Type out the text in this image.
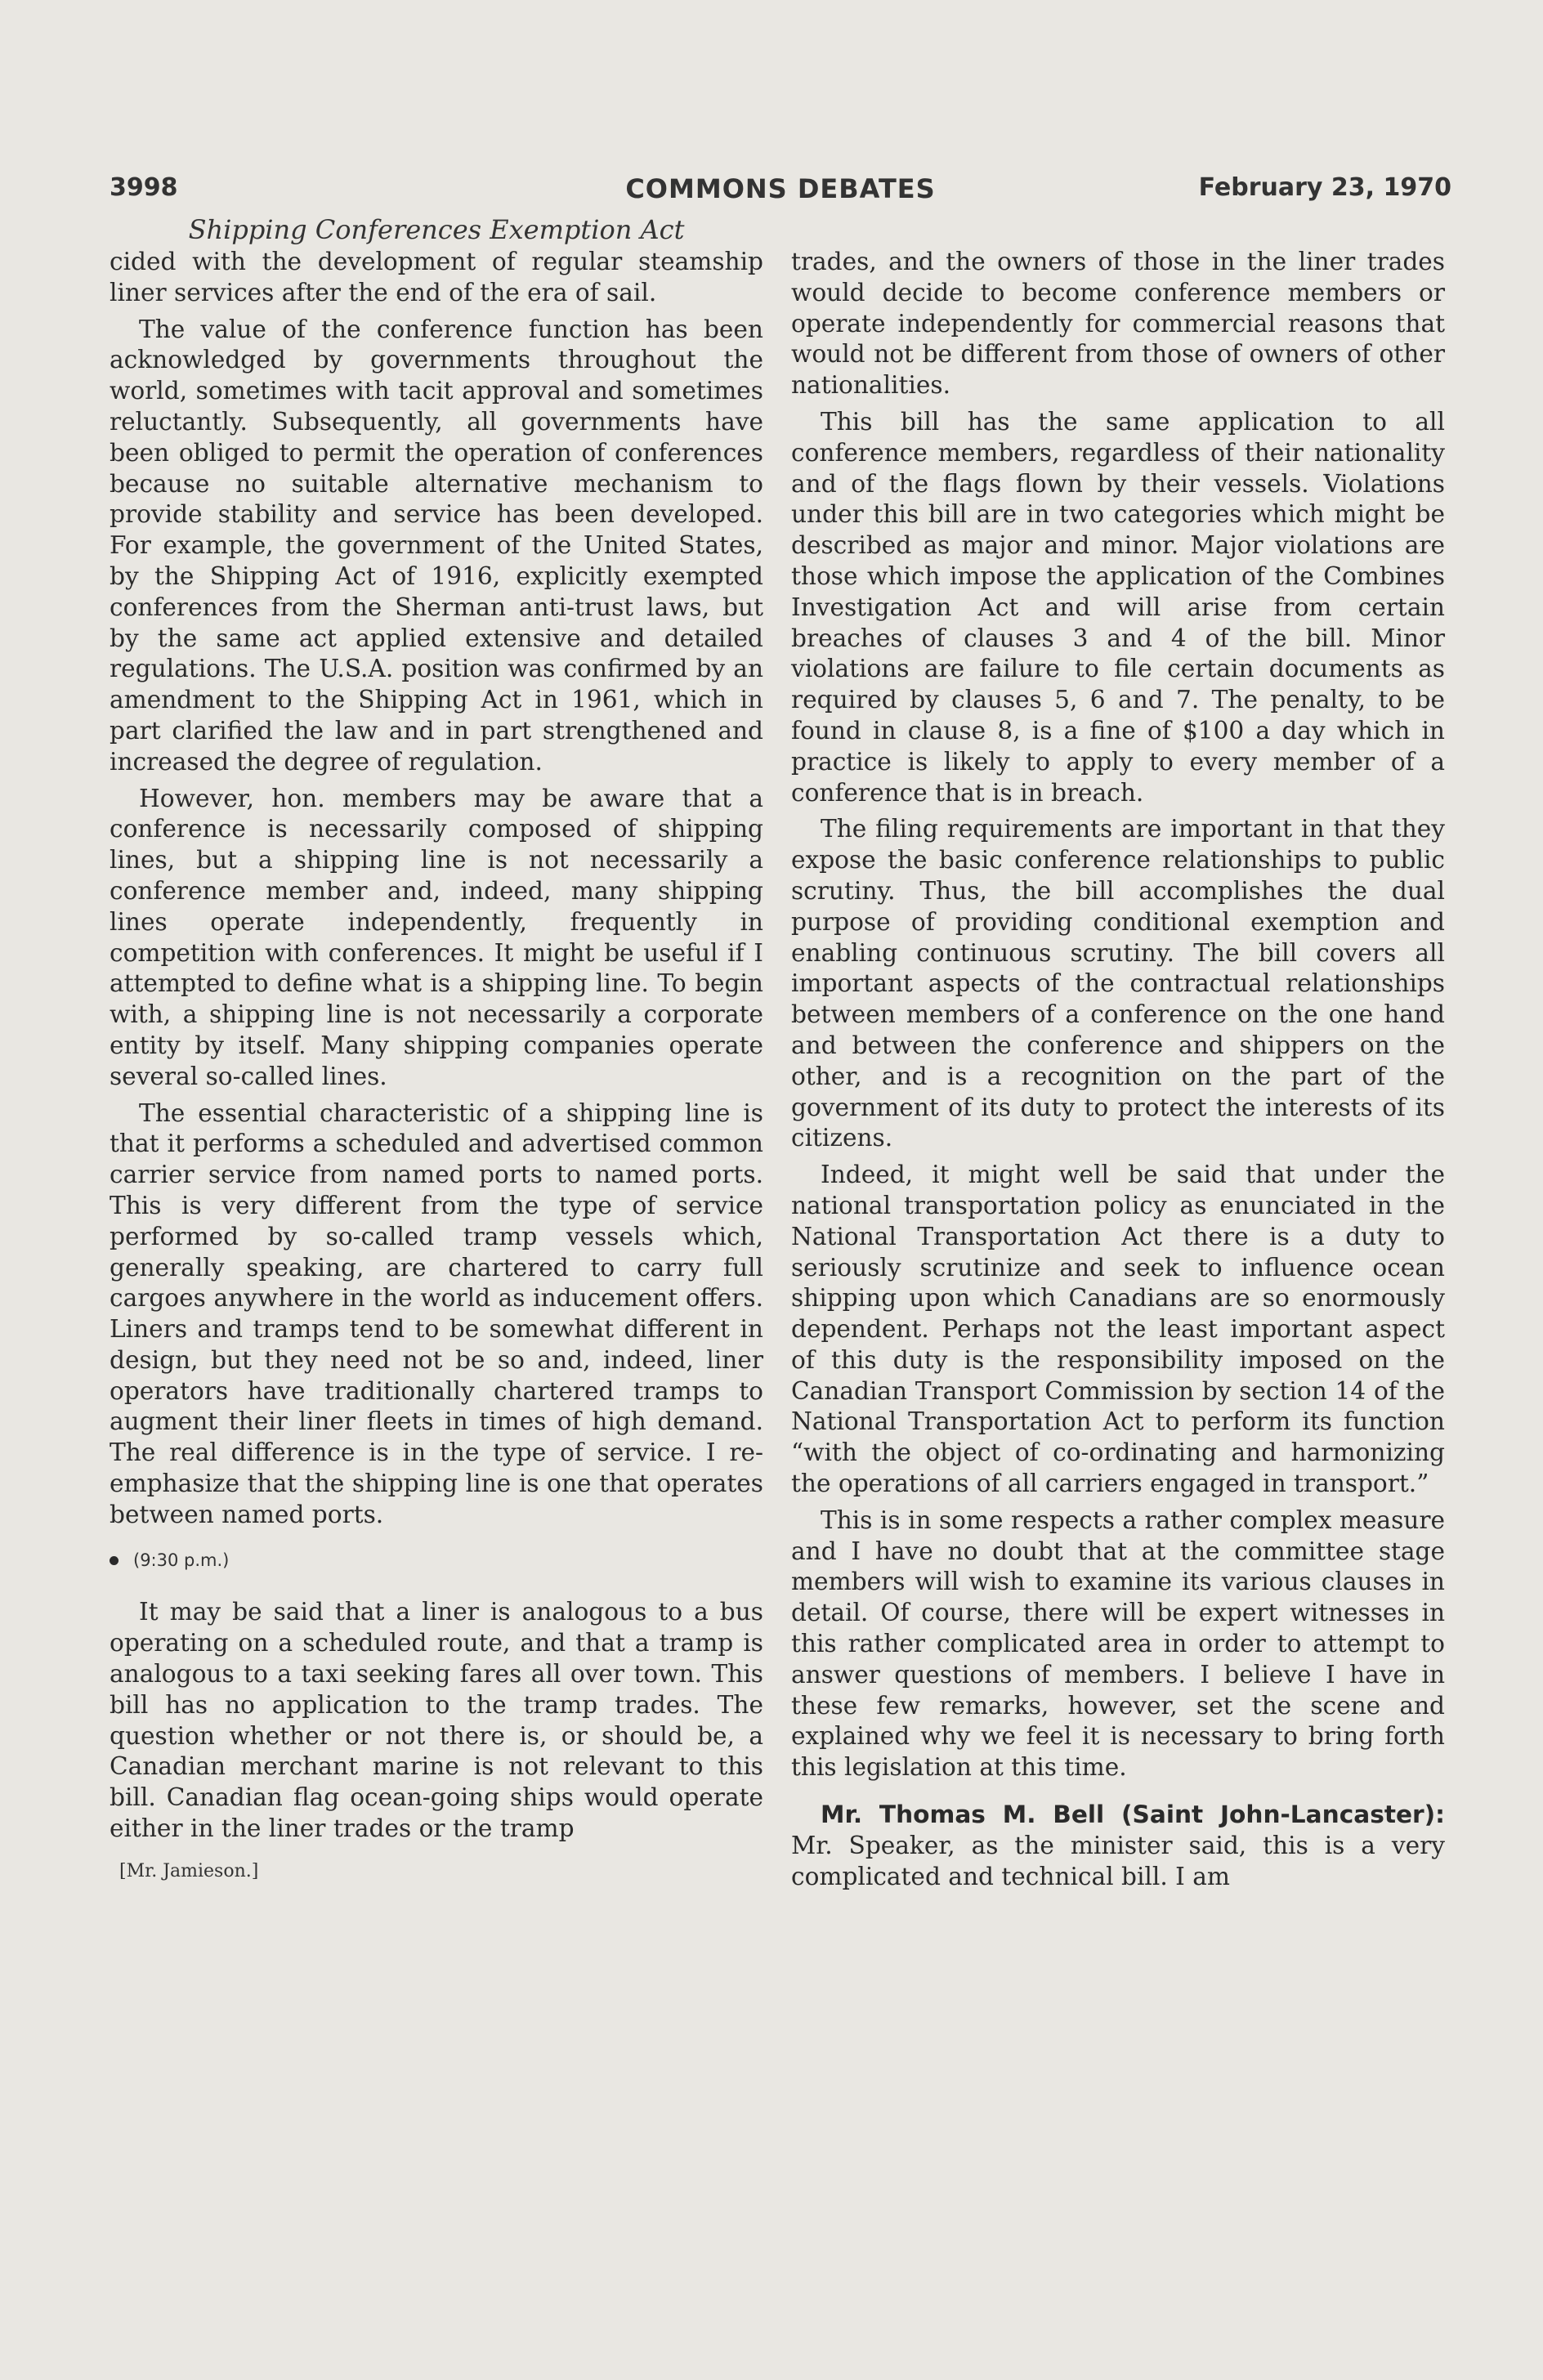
3998	COMMONS DEBATES	February 23, 1970
Shipping Conferences Exemption Act

cided with the development of regular steamship liner services after the end of the era of sail.

The value of the conference function has been acknowledged by governments throughout the world, sometimes with tacit approval and sometimes reluctantly. Subsequently, all governments have been obliged to permit the operation of conferences because no suitable alternative mechanism to provide stability and service has been developed. For example, the government of the United States, by the Shipping Act of 1916, explicitly exempted conferences from the Sherman anti-trust laws, but by the same act applied extensive and detailed regulations. The U.S.A. position was confirmed by an amendment to the Shipping Act in 1961, which in part clarified the law and in part strengthened and increased the degree of regulation.

However, hon. members may be aware that a conference is necessarily composed of shipping lines, but a shipping line is not necessarily a conference member and, indeed, many shipping lines operate independently, frequently in competition with conferences. It might be useful if I attempted to define what is a shipping line. To begin with, a shipping line is not necessarily a corporate entity by itself. Many shipping companies operate several so-called lines.

The essential characteristic of a shipping line is that it performs a scheduled and advertised common carrier service from named ports to named ports. This is very different from the type of service performed by so-called tramp vessels which, generally speaking, are chartered to carry full cargoes anywhere in the world as inducement offers. Liners and tramps tend to be somewhat different in design, but they need not be so and, indeed, liner operators have traditionally chartered tramps to augment their liner fleets in times of high demand. The real difference is in the type of service. I re-emphasize that the shipping line is one that operates between named ports.

(9:30 p.m.)

It may be said that a liner is analogous to a bus operating on a scheduled route, and that a tramp is analogous to a taxi seeking fares all over town. This bill has no application to the tramp trades. The question whether or not there is, or should be, a Canadian merchant marine is not relevant to this bill. Canadian flag ocean-going ships would operate either in the liner trades or the tramp

[Mr. Jamieson.]

trades, and the owners of those in the liner trades would decide to become conference members or operate independently for commercial reasons that would not be different from those of owners of other nationalities.

This bill has the same application to all conference members, regardless of their nationality and of the flags flown by their vessels. Violations under this bill are in two categories which might be described as major and minor. Major violations are those which impose the application of the Combines Investigation Act and will arise from certain breaches of clauses 3 and 4 of the bill. Minor violations are failure to file certain documents as required by clauses 5, 6 and 7. The penalty, to be found in clause 8, is a fine of $100 a day which in practice is likely to apply to every member of a conference that is in breach.

The filing requirements are important in that they expose the basic conference relationships to public scrutiny. Thus, the bill accomplishes the dual purpose of providing conditional exemption and enabling continuous scrutiny. The bill covers all important aspects of the contractual relationships between members of a conference on the one hand and between the conference and shippers on the other, and is a recognition on the part of the government of its duty to protect the interests of its citizens.

Indeed, it might well be said that under the national transportation policy as enunciated in the National Transportation Act there is a duty to seriously scrutinize and seek to influence ocean shipping upon which Canadians are so enormously dependent. Perhaps not the least important aspect of this duty is the responsibility imposed on the Canadian Transport Commission by section 14 of the National Transportation Act to perform its function “with the object of co-ordinating and harmonizing the operations of all carriers engaged in transport.”

This is in some respects a rather complex measure and I have no doubt that at the committee stage members will wish to examine its various clauses in detail. Of course, there will be expert witnesses in this rather complicated area in order to attempt to answer questions of members. I believe I have in these few remarks, however, set the scene and explained why we feel it is necessary to bring forth this legislation at this time.

Mr. Thomas M. Bell (Saint John-Lancaster): Mr. Speaker, as the minister said, this is a very complicated and technical bill. I am
